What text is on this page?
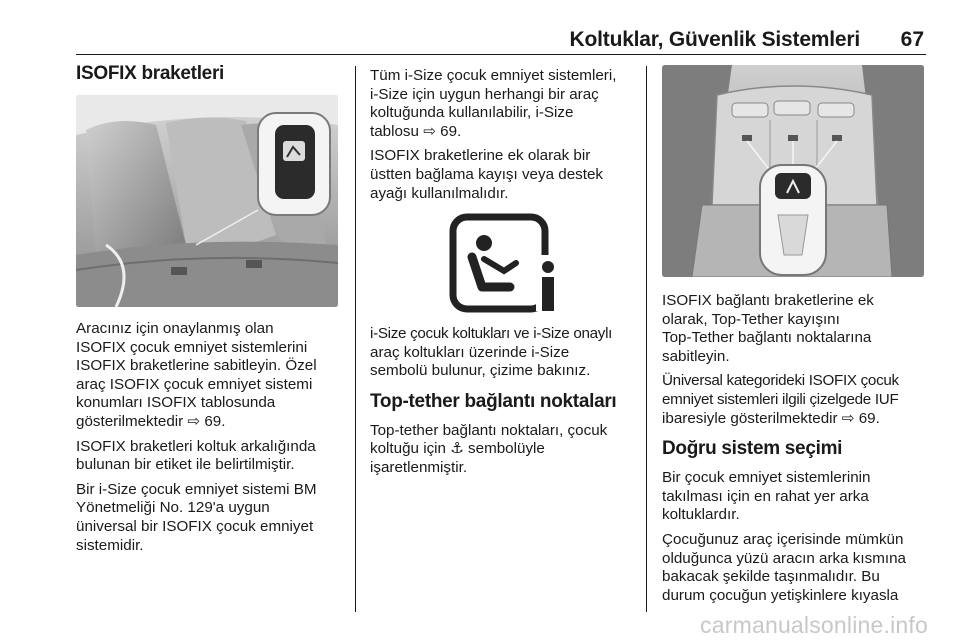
Koltuklar, Güvenlik Sistemleri	67
ISOFIX braketleri

Aracınız için onaylanmış olan
ISOFIX çocuk emniyet sistemlerini
ISOFIX braketlerine sabitleyin. Özel
araç ISOFIX çocuk emniyet sistemi
konumları ISOFIX tablosunda
gösterilmektedir ⇨ 69.

ISOFIX braketleri koltuk arkalığında
bulunan bir etiket ile belirtilmiştir.

Bir i-Size çocuk emniyet sistemi BM
Yönetmeliği No. 129'a uygun
üniversal bir ISOFIX çocuk emniyet
sistemidir.

Tüm i-Size çocuk emniyet sistemleri,
i-Size için uygun herhangi bir araç
koltuğunda kullanılabilir, i-Size
tablosu ⇨ 69.

ISOFIX braketlerine ek olarak bir
üstten bağlama kayışı veya destek
ayağı kullanılmalıdır.

i-Size çocuk koltukları ve i-Size onaylı
araç koltukları üzerinde i-Size
sembolü bulunur, çizime bakınız.

Top-tether bağlantı noktaları

Top-tether bağlantı noktaları, çocuk
koltuğu için ⚓ sembolüyle
işaretlenmiştir.

ISOFIX bağlantı braketlerine ek
olarak, Top-Tether kayışını
Top-Tether bağlantı noktalarına
sabitleyin.

Üniversal kategorideki ISOFIX çocuk
emniyet sistemleri ilgili çizelgede IUF
ibaresiyle gösterilmektedir ⇨ 69.

Doğru sistem seçimi

Bir çocuk emniyet sistemlerinin
takılması için en rahat yer arka
koltuklardır.

Çocuğunuz araç içerisinde mümkün
olduğunca yüzü aracın arka kısmına
bakacak şekilde taşınmalıdır. Bu
durum çocuğun yetişkinlere kıyasla

carmanualsonline.info
